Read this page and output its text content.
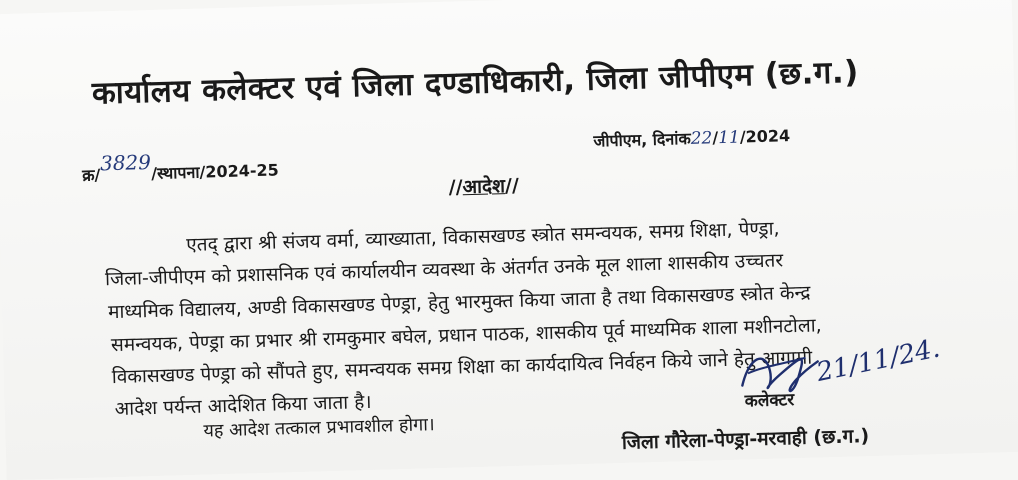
कार्यालय कलेक्टर एवं जिला दण्डाधिकारी, जिला जीपीएम (छ.ग.)
क्र/3829/स्थापना/2024-25
जीपीएम, दिनांक22/11/2024
//आदेश//
एतद् द्वारा श्री संजय वर्मा, व्याख्याता, विकासखण्ड स्त्रोत समन्वयक, समग्र शिक्षा, पेण्ड्रा,
जिला-जीपीएम को प्रशासनिक एवं कार्यालयीन व्यवस्था के अंतर्गत उनके मूल शाला शासकीय उच्चतर
माध्यमिक विद्यालय, अण्डी विकासखण्ड पेण्ड्रा, हेतु भारमुक्त किया जाता है तथा विकासखण्ड स्त्रोत केन्द्र
समन्वयक, पेण्ड्रा का प्रभार श्री रामकुमार बघेल, प्रधान पाठक, शासकीय पूर्व माध्यमिक शाला मशीनटोला,
विकासखण्ड पेण्ड्रा को सौंपते हुए, समन्वयक समग्र शिक्षा का कार्यदायित्व निर्वहन किये जाने हेतु आगामी
आदेश पर्यन्त आदेशित किया जाता है।
यह आदेश तत्काल प्रभावशील होगा।
21/11/24.
कलेक्टर
जिला गौरेला-पेण्ड्रा-मरवाही (छ.ग.)
